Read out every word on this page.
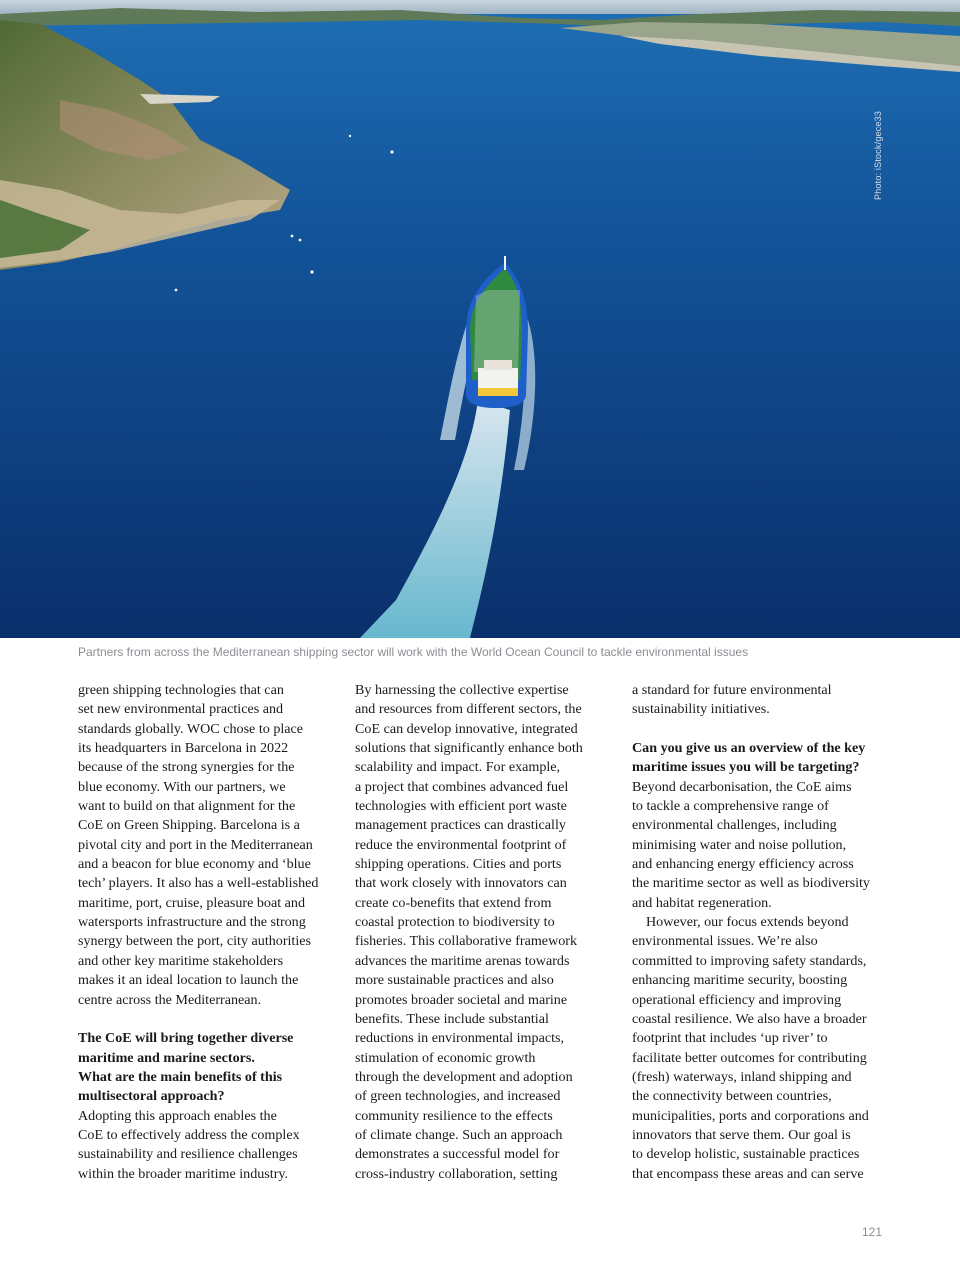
Photo: iStock/gece33
Partners from across the Mediterranean shipping sector will work with the World Ocean Council to tackle environmental issues
green shipping technologies that can
set new environmental practices and
standards globally. WOC chose to place
its headquarters in Barcelona in 2022
because of the strong synergies for the
blue economy. With our partners, we
want to build on that alignment for the
CoE on Green Shipping. Barcelona is a
pivotal city and port in the Mediterranean
and a beacon for blue economy and ‘blue
tech’ players. It also has a well-established
maritime, port, cruise, pleasure boat and
watersports infrastructure and the strong
synergy between the port, city authorities
and other key maritime stakeholders
makes it an ideal location to launch the
centre across the Mediterranean.
The CoE will bring together diverse
maritime and marine sectors.
What are the main benefits of this
multisectoral approach?
Adopting this approach enables the
CoE to effectively address the complex
sustainability and resilience challenges
within the broader maritime industry.
By harnessing the collective expertise
and resources from different sectors, the
CoE can develop innovative, integrated
solutions that significantly enhance both
scalability and impact. For example,
a project that combines advanced fuel
technologies with efficient port waste
management practices can drastically
reduce the environmental footprint of
shipping operations. Cities and ports
that work closely with innovators can
create co-benefits that extend from
coastal protection to biodiversity to
fisheries. This collaborative framework
advances the maritime arenas towards
more sustainable practices and also
promotes broader societal and marine
benefits. These include substantial
reductions in environmental impacts,
stimulation of economic growth
through the development and adoption
of green technologies, and increased
community resilience to the effects
of climate change. Such an approach
demonstrates a successful model for
cross-industry collaboration, setting
a standard for future environmental
sustainability initiatives.
Can you give us an overview of the key
maritime issues you will be targeting?
Beyond decarbonisation, the CoE aims
to tackle a comprehensive range of
environmental challenges, including
minimising water and noise pollution,
and enhancing energy efficiency across
the maritime sector as well as biodiversity
and habitat regeneration.
However, our focus extends beyond
environmental issues. We’re also
committed to improving safety standards,
enhancing maritime security, boosting
operational efficiency and improving
coastal resilience. We also have a broader
footprint that includes ‘up river’ to
facilitate better outcomes for contributing
(fresh) waterways, inland shipping and
the connectivity between countries,
municipalities, ports and corporations and
innovators that serve them. Our goal is
to develop holistic, sustainable practices
that encompass these areas and can serve
121
